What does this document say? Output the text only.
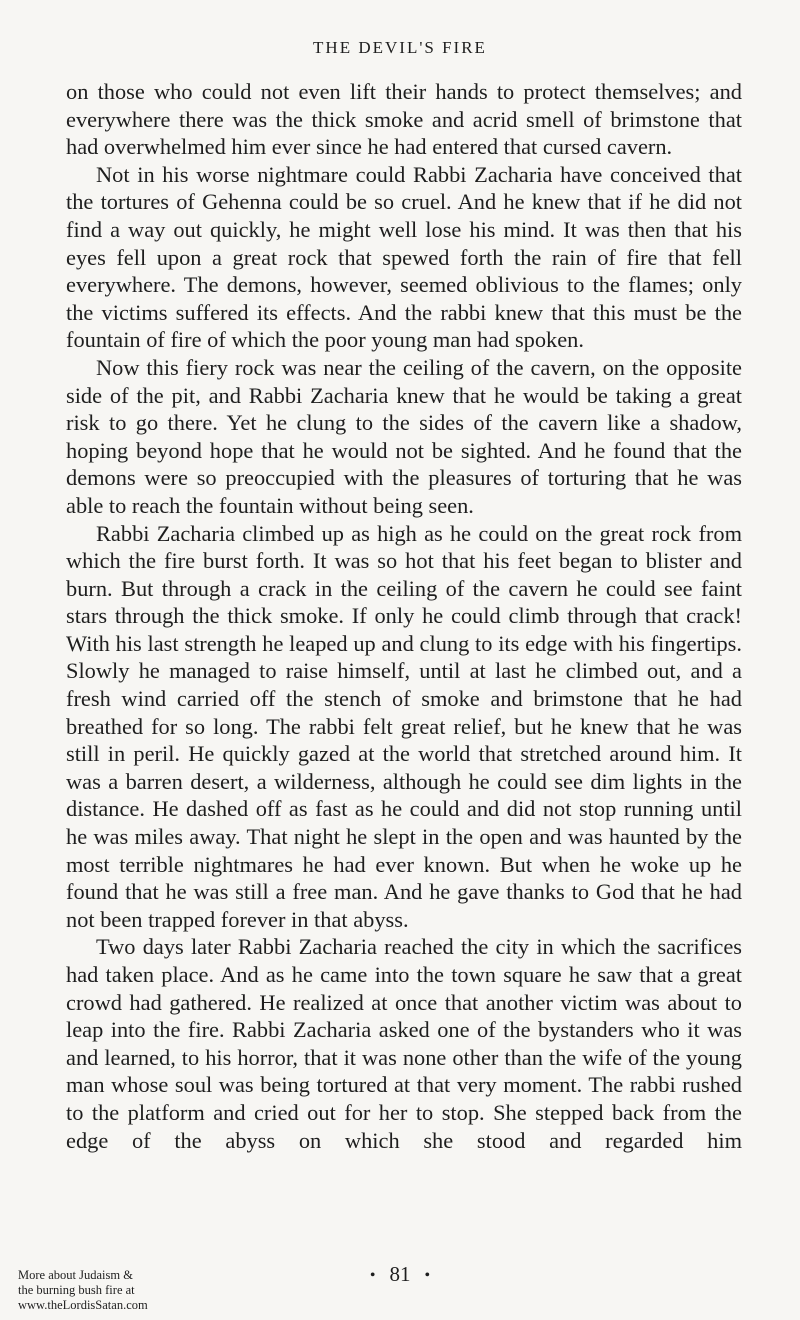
THE DEVIL'S FIRE

on those who could not even lift their hands to protect themselves; and everywhere there was the thick smoke and acrid smell of brimstone that had overwhelmed him ever since he had entered that cursed cavern.

Not in his worse nightmare could Rabbi Zacharia have conceived that the tortures of Gehenna could be so cruel. And he knew that if he did not find a way out quickly, he might well lose his mind. It was then that his eyes fell upon a great rock that spewed forth the rain of fire that fell everywhere. The demons, however, seemed oblivious to the flames; only the victims suffered its effects. And the rabbi knew that this must be the fountain of fire of which the poor young man had spoken.

Now this fiery rock was near the ceiling of the cavern, on the opposite side of the pit, and Rabbi Zacharia knew that he would be taking a great risk to go there. Yet he clung to the sides of the cavern like a shadow, hoping beyond hope that he would not be sighted. And he found that the demons were so preoccupied with the pleasures of torturing that he was able to reach the fountain without being seen.

Rabbi Zacharia climbed up as high as he could on the great rock from which the fire burst forth. It was so hot that his feet began to blister and burn. But through a crack in the ceiling of the cavern he could see faint stars through the thick smoke. If only he could climb through that crack! With his last strength he leaped up and clung to its edge with his fingertips. Slowly he managed to raise himself, until at last he climbed out, and a fresh wind carried off the stench of smoke and brimstone that he had breathed for so long. The rabbi felt great relief, but he knew that he was still in peril. He quickly gazed at the world that stretched around him. It was a barren desert, a wilderness, although he could see dim lights in the distance. He dashed off as fast as he could and did not stop running until he was miles away. That night he slept in the open and was haunted by the most terrible nightmares he had ever known. But when he woke up he found that he was still a free man. And he gave thanks to God that he had not been trapped forever in that abyss.

Two days later Rabbi Zacharia reached the city in which the sacrifices had taken place. And as he came into the town square he saw that a great crowd had gathered. He realized at once that another victim was about to leap into the fire. Rabbi Zacharia asked one of the bystanders who it was and learned, to his horror, that it was none other than the wife of the young man whose soul was being tortured at that very moment. The rabbi rushed to the platform and cried out for her to stop. She stepped back from the edge of the abyss on which she stood and regarded him

• 81 •
More about Judaism &
the burning bush fire at
www.theLordisSatan.com
